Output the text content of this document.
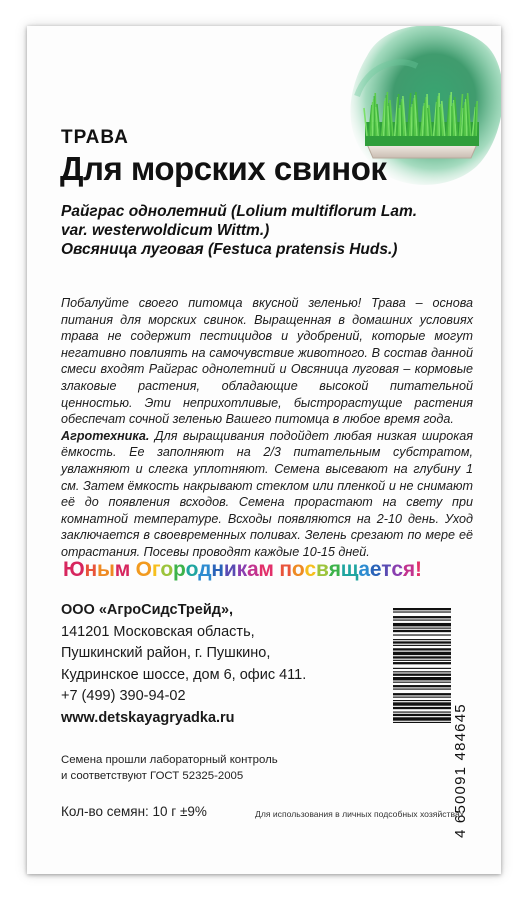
ТРАВА
Для морских свинок
Райграс однолетний (Lolium multiflorum Lam.
var. westerwoldicum Wittm.)
Овсяница луговая (Festuca pratensis Huds.)

Побалуйте своего питомца вкусной зеленью! Трава – основа питания для морских свинок. Выращенная в домашних условиях трава не содержит пестицидов и удобрений, которые могут негативно повлиять на самочувствие животного. В состав данной смеси входят Райграс однолетний и Овсяница луговая – кормовые злаковые растения, обладающие высокой питательной ценностью. Эти неприхотливые, быстрорастущие растения обеспечат сочной зеленью Вашего питомца в любое время года.

Агротехника. Для выращивания подойдет любая низкая широкая ёмкость. Ее заполняют на 2/3 питательным субстратом, увлажняют и слегка уплотняют. Семена высевают на глубину 1 см. Затем ёмкость накрывают стеклом или пленкой и не снимают её до появления всходов. Семена прорастают на свету при комнатной температуре. Всходы появляются на 2-10 день. Уход заключается в своевременных поливах. Зелень срезают по мере её отрастания. Посевы проводят каждые 10-15 дней.

Юным Огородникам посвящается!
ООО «АгроСидсТрейд»,
141201 Московская область,
Пушкинский район, г. Пушкино,
Кудринское шоссе, дом 6, офис 411.
+7 (499) 390-94-02
www.detskayagryadka.ru	4 650091 484645
Семена прошли лабораторный контроль
и соответствуют ГОСТ 52325-2005
Кол-во семян: 10 г ±9%	Для использования в личных подсобных хозяйствах
